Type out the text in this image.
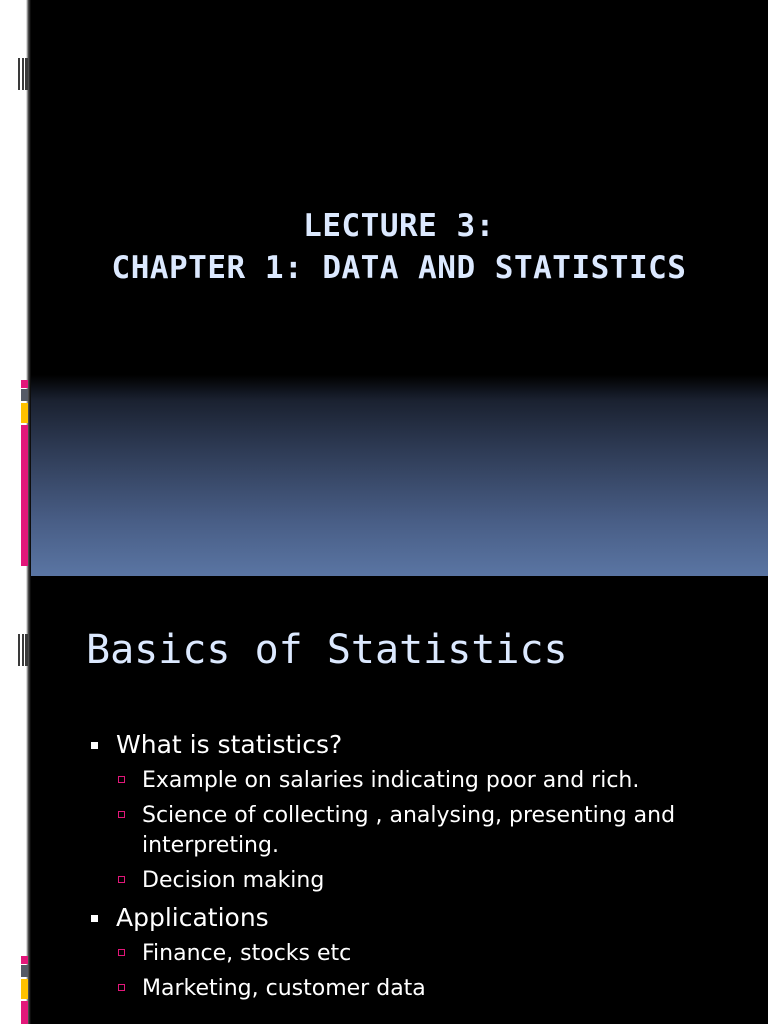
LECTURE 3:
CHAPTER 1: DATA AND STATISTICS
Basics of Statistics
What is statistics?
Example on salaries indicating poor and rich.
Science of collecting , analysing, presenting and interpreting.
Decision making
Applications
Finance, stocks etc
Marketing, customer data
